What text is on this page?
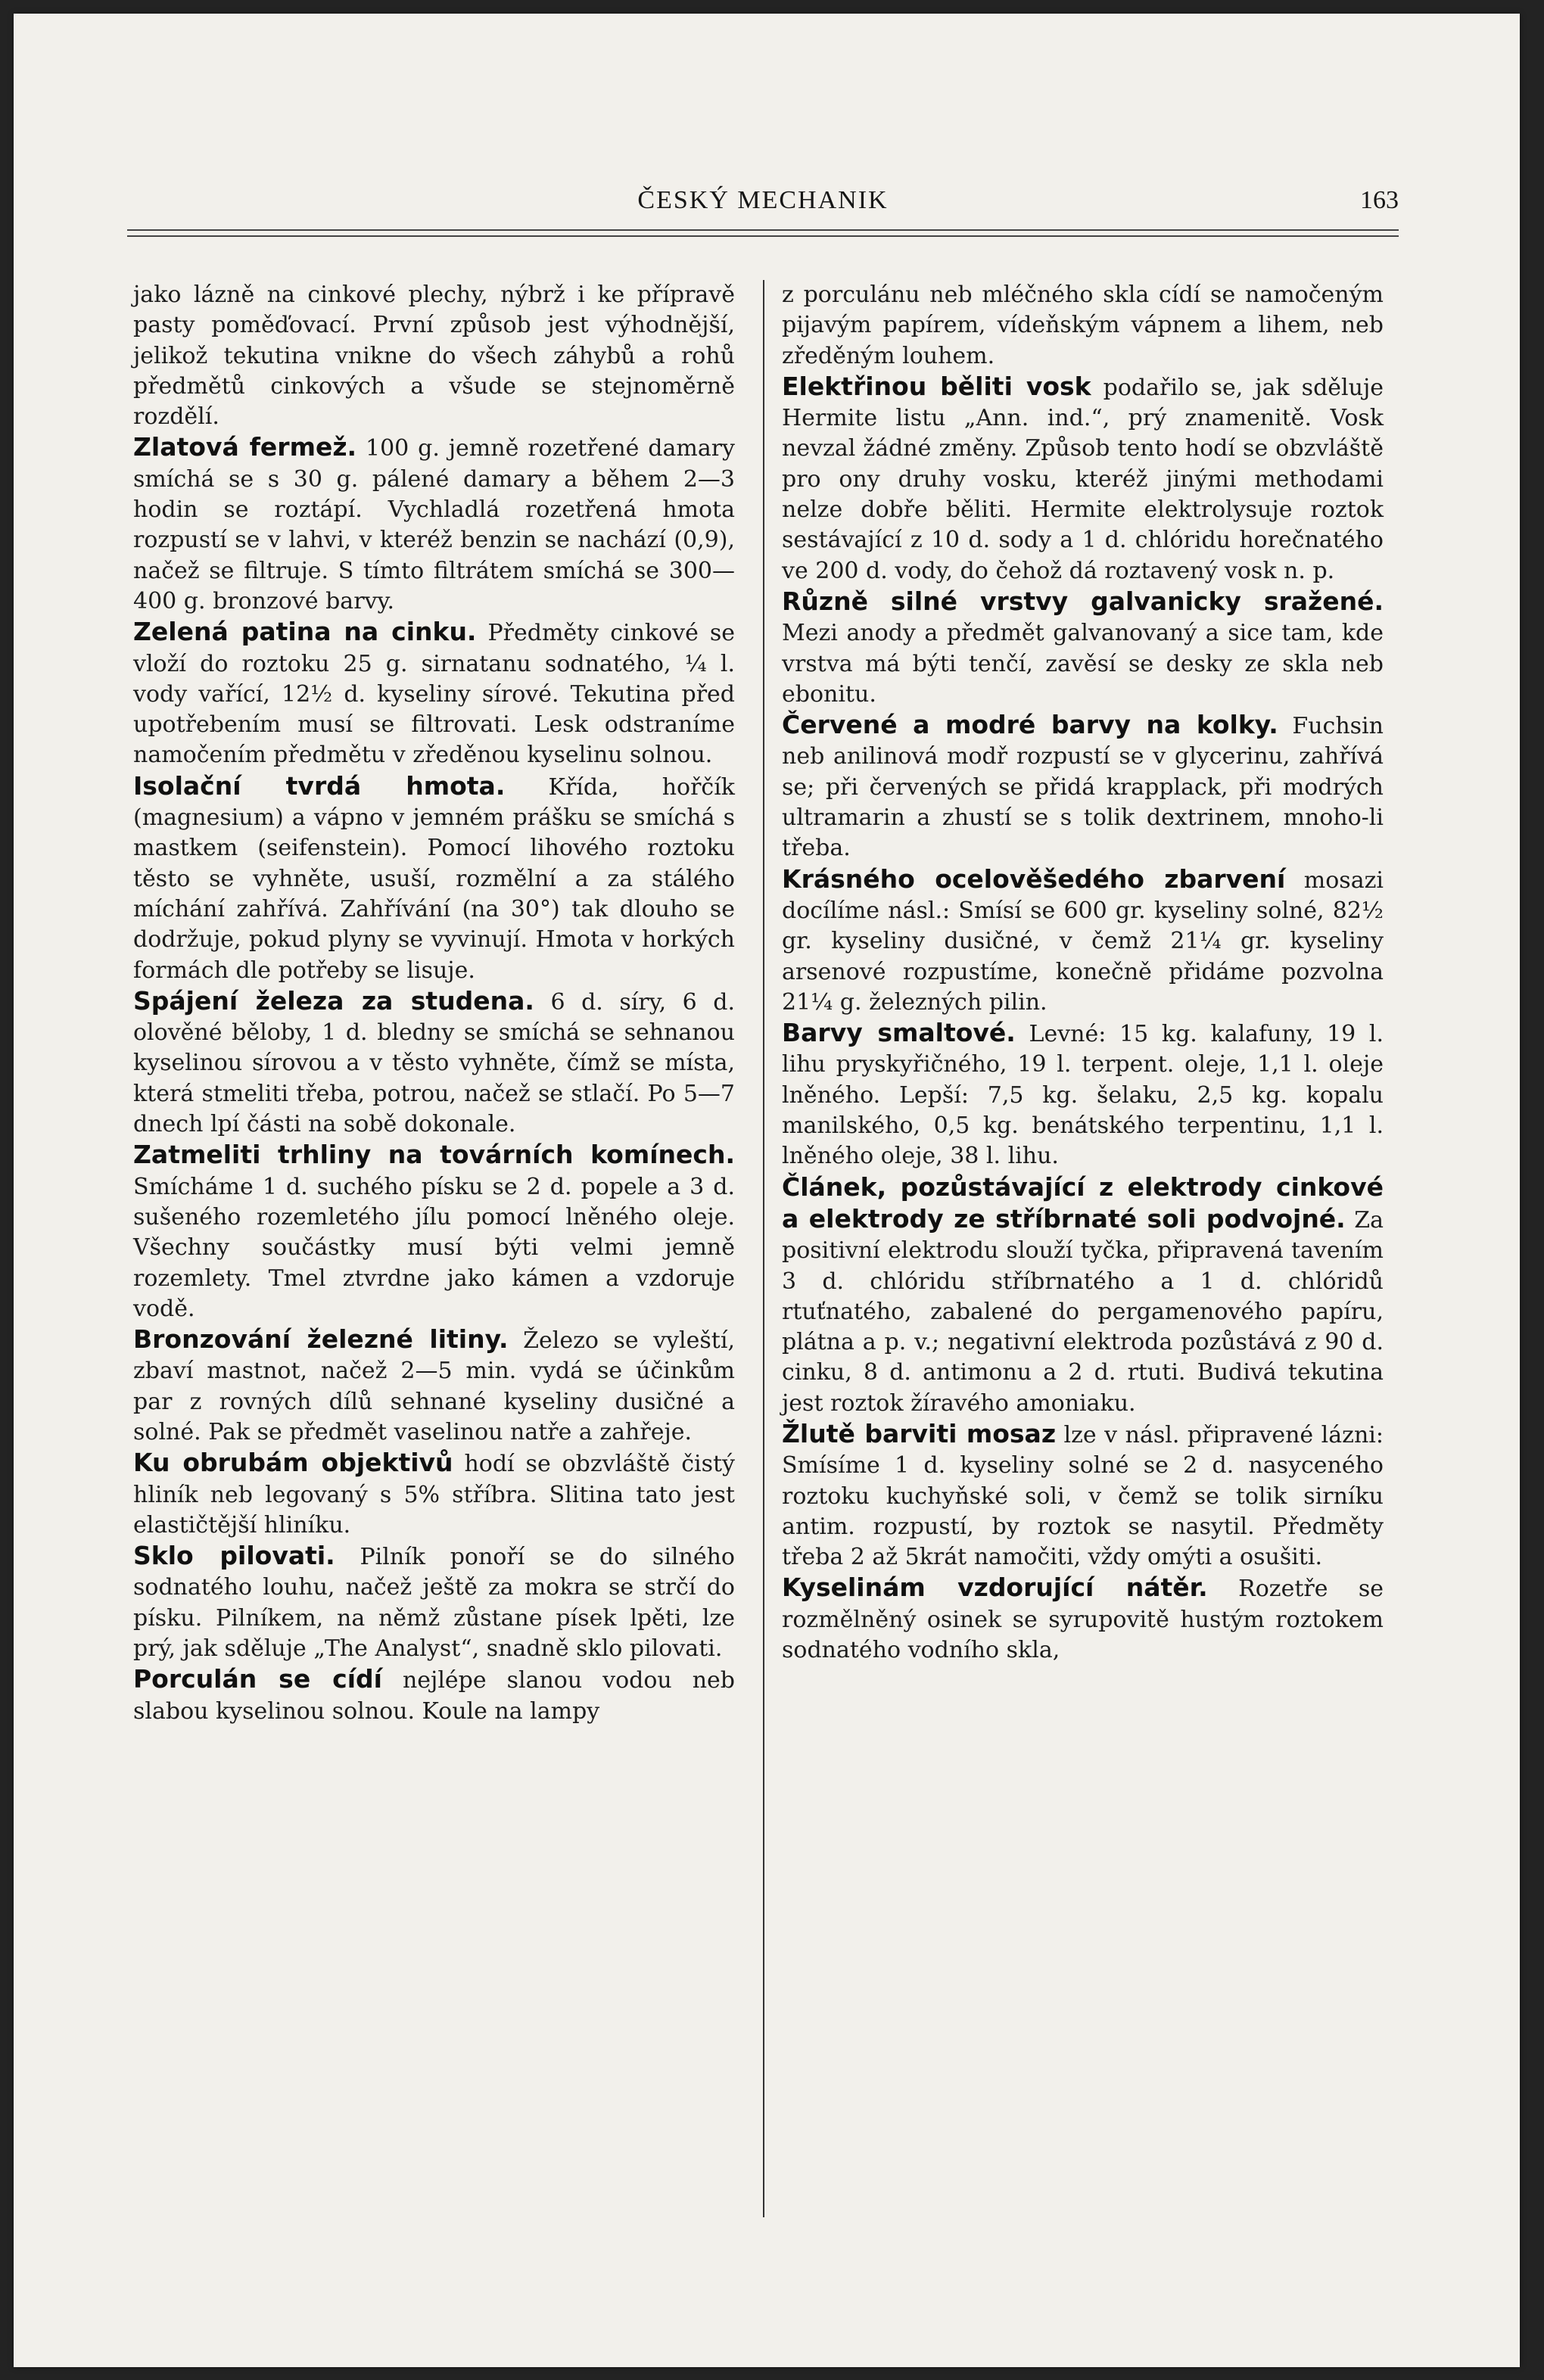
ČESKÝ MECHANIK	163

jako lázně na cinkové plechy, nýbrž i ke přípravě pasty poměďovací. První způsob jest výhodnější, jelikož tekutina vnikne do všech záhybů a rohů předmětů cinkových a všude se stejnoměrně rozdělí.

Zlatová fermež. 100 g. jemně rozetřené damary smíchá se s 30 g. pálené damary a během 2—3 hodin se roztápí. Vychladlá rozetřená hmota rozpustí se v lahvi, v kteréž benzin se nachází (0,9), načež se filtruje. S tímto filtrátem smíchá se 300—400 g. bronzové barvy.

Zelená patina na cinku. Předměty cinkové se vloží do roztoku 25 g. sirnatanu sodnatého, ¼ l. vody vařící, 12½ d. kyseliny sírové. Tekutina před upotřebením musí se filtrovati. Lesk odstraníme namočením předmětu v zředěnou kyselinu solnou.

Isolační tvrdá hmota. Křída, hořčík (magnesium) a vápno v jemném prášku se smíchá s mastkem (seifenstein). Pomocí lihového roztoku těsto se vyhněte, usuší, rozmělní a za stálého míchání zahřívá. Zahřívání (na 30°) tak dlouho se dodržuje, pokud plyny se vyvinují. Hmota v horkých formách dle potřeby se lisuje.

Spájení železa za studena. 6 d. síry, 6 d. olověné běloby, 1 d. bledny se smíchá se sehnanou kyselinou sírovou a v těsto vyhněte, čímž se místa, která stmeliti třeba, potrou, načež se stlačí. Po 5—7 dnech lpí části na sobě dokonale.

Zatmeliti trhliny na továrních komínech. Smícháme 1 d. suchého písku se 2 d. popele a 3 d. sušeného rozemletého jílu pomocí lněného oleje. Všechny součástky musí býti velmi jemně rozemlety. Tmel ztvrdne jako kámen a vzdoruje vodě.

Bronzování železné litiny. Železo se vyleští, zbaví mastnot, načež 2—5 min. vydá se účinkům par z rovných dílů sehnané kyseliny dusičné a solné. Pak se předmět vaselinou natře a zahřeje.

Ku obrubám objektivů hodí se obzvláště čistý hliník neb legovaný s 5% stříbra. Slitina tato jest elastičtější hliníku.

Sklo pilovati. Pilník ponoří se do silného sodnatého louhu, načež ještě za mokra se strčí do písku. Pilníkem, na němž zůstane písek lpěti, lze prý, jak sděluje „The Analyst“, snadně sklo pilovati.

Porculán se cídí nejlépe slanou vodou neb slabou kyselinou solnou. Koule na lampy

z porculánu neb mléčného skla cídí se namočeným pijavým papírem, vídeňským vápnem a lihem, neb zředěným louhem.

Elektřinou běliti vosk podařilo se, jak sděluje Hermite listu „Ann. ind.“, prý znamenitě. Vosk nevzal žádné změny. Způsob tento hodí se obzvláště pro ony druhy vosku, kteréž jinými methodami nelze dobře běliti. Hermite elektrolysuje roztok sestávající z 10 d. sody a 1 d. chlóridu horečnatého ve 200 d. vody, do čehož dá roztavený vosk n. p.

Různě silné vrstvy galvanicky sražené. Mezi anody a předmět galvanovaný a sice tam, kde vrstva má býti tenčí, zavěsí se desky ze skla neb ebonitu.

Červené a modré barvy na kolky. Fuchsin neb anilinová modř rozpustí se v glycerinu, zahřívá se; při červených se přidá krapplack, při modrých ultramarin a zhustí se s tolik dextrinem, mnoho-li třeba.

Krásného ocelověšedého zbarvení mosazi docílíme násl.: Smísí se 600 gr. kyseliny solné, 82½ gr. kyseliny dusičné, v čemž 21¼ gr. kyseliny arsenové rozpustíme, konečně přidáme pozvolna 21¼ g. železných pilin.

Barvy smaltové. Levné: 15 kg. kalafuny, 19 l. lihu pryskyřičného, 19 l. terpent. oleje, 1,1 l. oleje lněného. Lepší: 7,5 kg. šelaku, 2,5 kg. kopalu manilského, 0,5 kg. benátského terpentinu, 1,1 l. lněného oleje, 38 l. lihu.

Článek, pozůstávající z elektrody cinkové a elektrody ze stříbrnaté soli podvojné. Za positivní elektrodu slouží tyčka, připravená tavením 3 d. chlóridu stříbrnatého a 1 d. chlóridů rtuťnatého, zabalené do pergamenového papíru, plátna a p. v.; negativní elektroda pozůstává z 90 d. cinku, 8 d. antimonu a 2 d. rtuti. Budivá tekutina jest roztok žíravého amoniaku.

Žlutě barviti mosaz lze v násl. připravené lázni: Smísíme 1 d. kyseliny solné se 2 d. nasyceného roztoku kuchyňské soli, v čemž se tolik sirníku antim. rozpustí, by roztok se nasytil. Předměty třeba 2 až 5krát namočiti, vždy omýti a osušiti.

Kyselinám vzdorující nátěr. Rozetře se rozmělněný osinek se syrupovitě hustým roztokem sodnatého vodního skla,
